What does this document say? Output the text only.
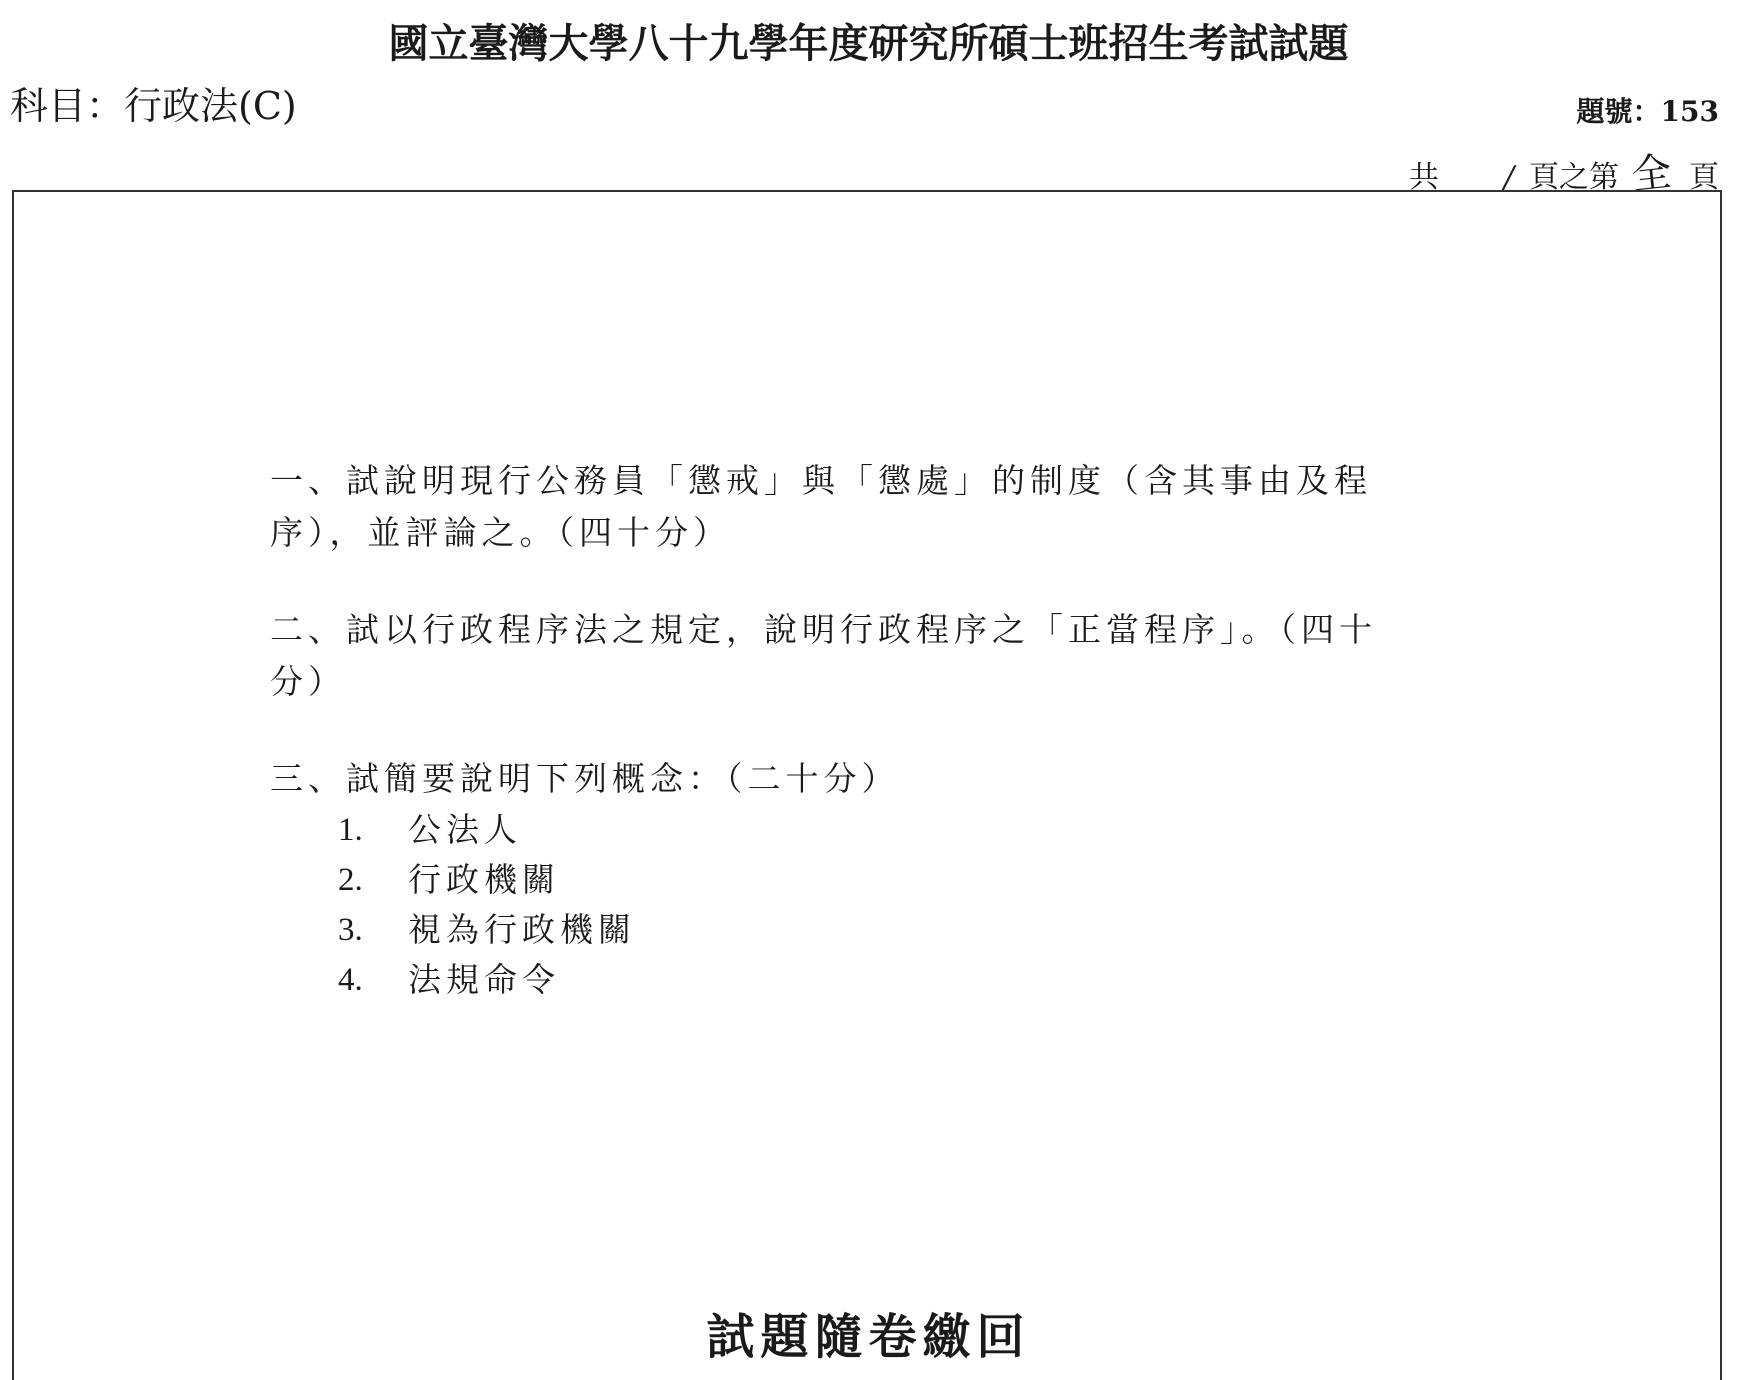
國立臺灣大學八十九學年度研究所碩士班招生考試試題
科目：行政法(C)	題號：153
共	/ 頁之第 全 頁
一、試說明現行公務員「懲戒」與「懲處」的制度（含其事由及程序），並評論之。（四十分）
二、試以行政程序法之規定，說明行政程序之「正當程序」。（四十分）
三、試簡要說明下列概念：（二十分）
1.	公法人
2.	行政機關
3.	視為行政機關
4.	法規命令
試題隨卷繳回
